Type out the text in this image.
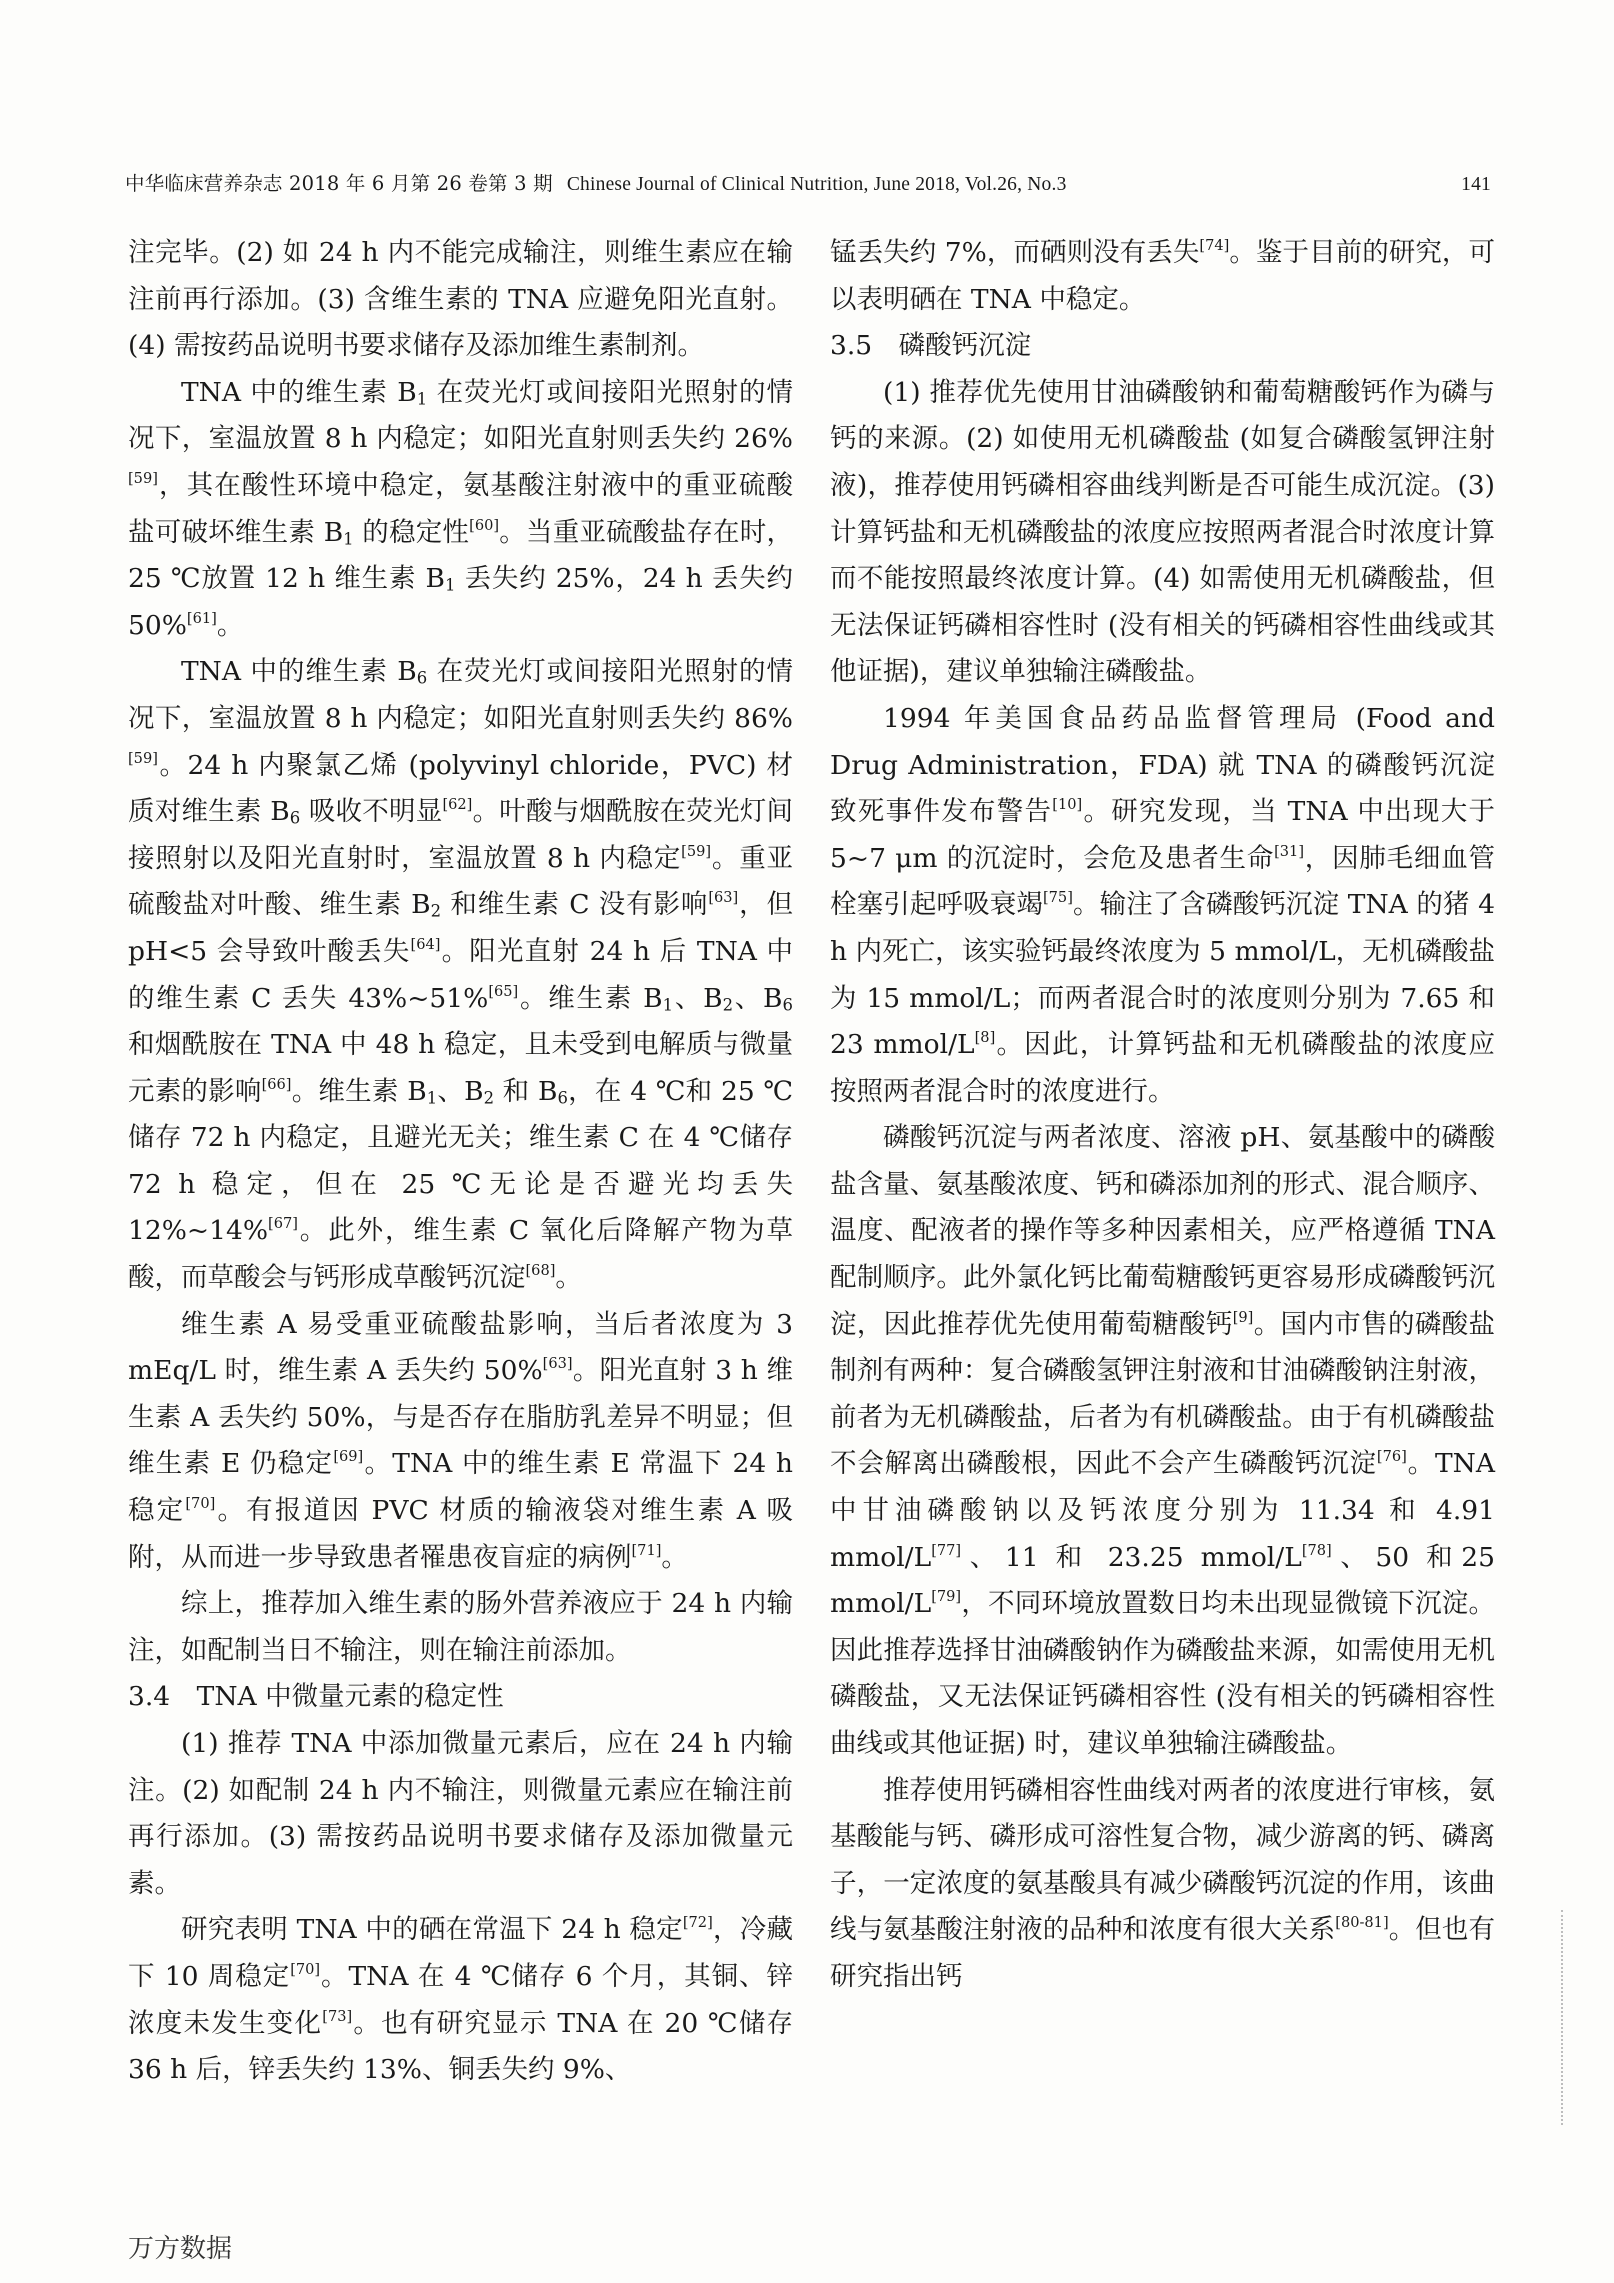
中华临床营养杂志 2018 年 6 月第 26 卷第 3 期 Chinese Journal of Clinical Nutrition, June 2018, Vol.26, No.3	141

注完毕。(2) 如 24 h 内不能完成输注，则维生素应在输注前再行添加。(3) 含维生素的 TNA 应避免阳光直射。(4) 需按药品说明书要求储存及添加维生素制剂。

TNA 中的维生素 $B_1$ 在荧光灯或间接阳光照射的情况下，室温放置 8 h 内稳定；如阳光直射则丢失约 26%[59]，其在酸性环境中稳定，氨基酸注射液中的重亚硫酸盐可破坏维生素 $B_1$ 的稳定性[60]。当重亚硫酸盐存在时，25 ℃放置 12 h 维生素 $B_1$ 丢失约 25%，24 h 丢失约 50%[61]。

TNA 中的维生素 $B_6$ 在荧光灯或间接阳光照射的情况下，室温放置 8 h 内稳定；如阳光直射则丢失约 86%[59]。24 h 内聚氯乙烯 (polyvinyl chloride，PVC) 材质对维生素 $B_6$ 吸收不明显[62]。叶酸与烟酰胺在荧光灯间接照射以及阳光直射时，室温放置 8 h 内稳定[59]。重亚硫酸盐对叶酸、维生素 $B_2$ 和维生素 C 没有影响[63]，但 pH<5 会导致叶酸丢失[64]。阳光直射 24 h 后 TNA 中的维生素 C 丢失 43%~51%[65]。维生素 $B_1$、$B_2$、$B_6$ 和烟酰胺在 TNA 中 48 h 稳定，且未受到电解质与微量元素的影响[66]。维生素 $B_1$、$B_2$ 和 $B_6$，在 4 ℃和 25 ℃储存 72 h 内稳定，且避光无关；维生素 C 在 4 ℃储存 72 h 稳定，但在 25 ℃无论是否避光均丢失 12%~14%[67]。此外，维生素 C 氧化后降解产物为草酸，而草酸会与钙形成草酸钙沉淀[68]。

维生素 A 易受重亚硫酸盐影响，当后者浓度为 3 mEq/L 时，维生素 A 丢失约 50%[63]。阳光直射 3 h 维生素 A 丢失约 50%，与是否存在脂肪乳差异不明显；但维生素 E 仍稳定[69]。TNA 中的维生素 E 常温下 24 h 稳定[70]。有报道因 PVC 材质的输液袋对维生素 A 吸附，从而进一步导致患者罹患夜盲症的病例[71]。

综上，推荐加入维生素的肠外营养液应于 24 h 内输注，如配制当日不输注，则在输注前添加。

3.4　TNA 中微量元素的稳定性

(1) 推荐 TNA 中添加微量元素后，应在 24 h 内输注。(2) 如配制 24 h 内不输注，则微量元素应在输注前再行添加。(3) 需按药品说明书要求储存及添加微量元素。

研究表明 TNA 中的硒在常温下 24 h 稳定[72]，冷藏下 10 周稳定[70]。TNA 在 4 ℃储存 6 个月，其铜、锌浓度未发生变化[73]。也有研究显示 TNA 在 20 ℃储存 36 h 后，锌丢失约 13%、铜丢失约 9%、

锰丢失约 7%，而硒则没有丢失[74]。鉴于目前的研究，可以表明硒在 TNA 中稳定。

3.5　磷酸钙沉淀

(1) 推荐优先使用甘油磷酸钠和葡萄糖酸钙作为磷与钙的来源。(2) 如使用无机磷酸盐 (如复合磷酸氢钾注射液)，推荐使用钙磷相容曲线判断是否可能生成沉淀。(3) 计算钙盐和无机磷酸盐的浓度应按照两者混合时浓度计算而不能按照最终浓度计算。(4) 如需使用无机磷酸盐，但无法保证钙磷相容性时 (没有相关的钙磷相容性曲线或其他证据)，建议单独输注磷酸盐。

1994 年美国食品药品监督管理局 (Food and Drug Administration，FDA) 就 TNA 的磷酸钙沉淀致死事件发布警告[10]。研究发现，当 TNA 中出现大于 5~7 μm 的沉淀时，会危及患者生命[31]，因肺毛细血管栓塞引起呼吸衰竭[75]。输注了含磷酸钙沉淀 TNA 的猪 4 h 内死亡，该实验钙最终浓度为 5 mmol/L，无机磷酸盐为 15 mmol/L；而两者混合时的浓度则分别为 7.65 和 23 mmol/L[8]。因此，计算钙盐和无机磷酸盐的浓度应按照两者混合时的浓度进行。

磷酸钙沉淀与两者浓度、溶液 pH、氨基酸中的磷酸盐含量、氨基酸浓度、钙和磷添加剂的形式、混合顺序、温度、配液者的操作等多种因素相关，应严格遵循 TNA 配制顺序。此外氯化钙比葡萄糖酸钙更容易形成磷酸钙沉淀，因此推荐优先使用葡萄糖酸钙[9]。国内市售的磷酸盐制剂有两种：复合磷酸氢钾注射液和甘油磷酸钠注射液，前者为无机磷酸盐，后者为有机磷酸盐。由于有机磷酸盐不会解离出磷酸根，因此不会产生磷酸钙沉淀[76]。TNA 中甘油磷酸钠以及钙浓度分别为 11.34 和 4.91 mmol/L[77]、11 和 23.25 mmol/L[78]、50 和25 mmol/L[79]，不同环境放置数日均未出现显微镜下沉淀。因此推荐选择甘油磷酸钠作为磷酸盐来源，如需使用无机磷酸盐，又无法保证钙磷相容性 (没有相关的钙磷相容性曲线或其他证据) 时，建议单独输注磷酸盐。

推荐使用钙磷相容性曲线对两者的浓度进行审核，氨基酸能与钙、磷形成可溶性复合物，减少游离的钙、磷离子，一定浓度的氨基酸具有减少磷酸钙沉淀的作用，该曲线与氨基酸注射液的品种和浓度有很大关系[80-81]。但也有研究指出钙

万方数据
